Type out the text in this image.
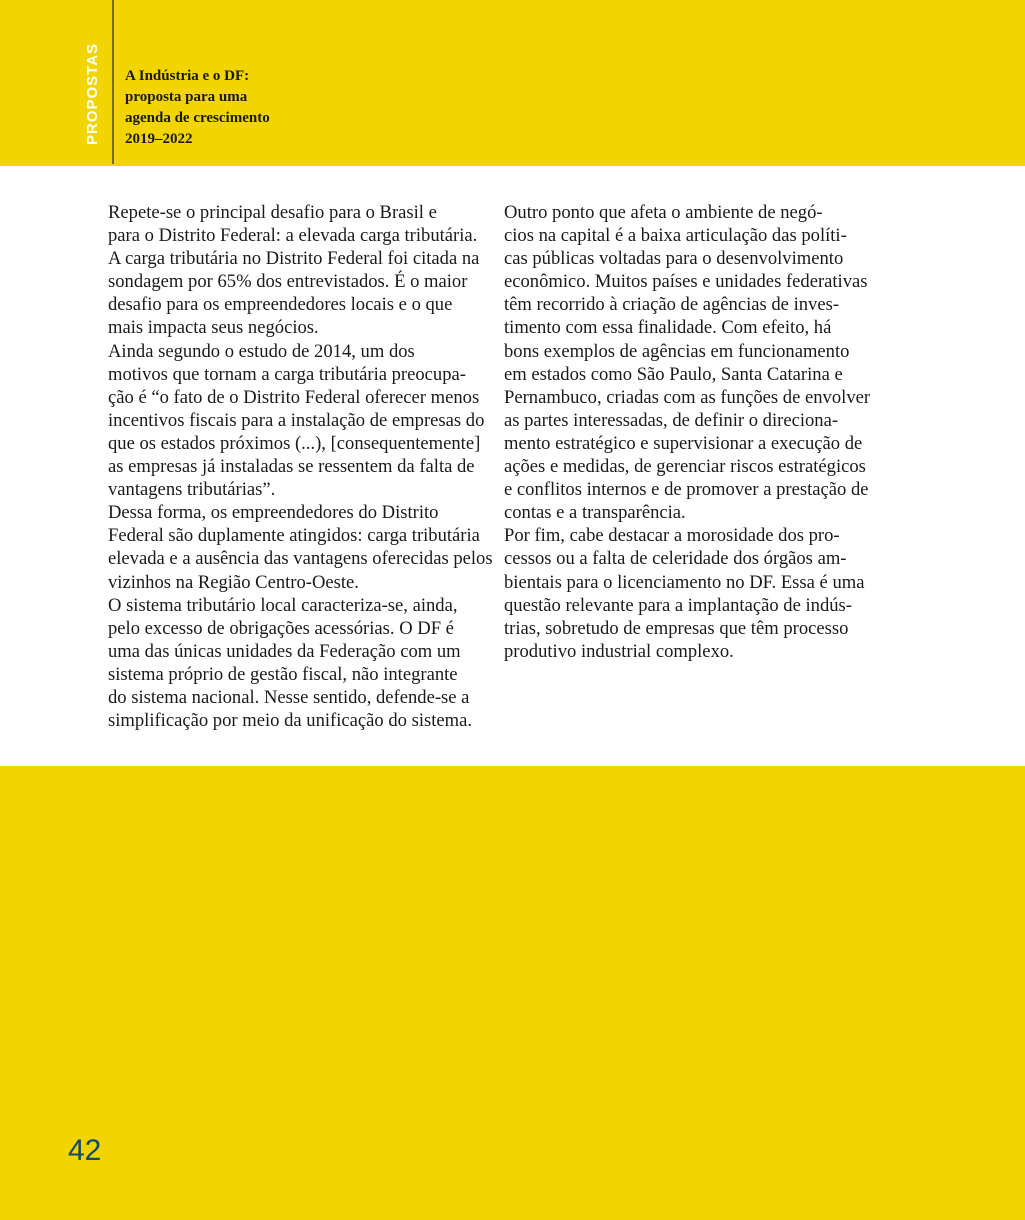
PROPOSTAS A Indústria e o DF:
proposta para uma
agenda de crescimento
2019–2022

Repete-se o principal desafio para o Brasil e
para o Distrito Federal: a elevada carga tributária.
A carga tributária no Distrito Federal foi citada na
sondagem por 65% dos entrevistados. É o maior
desafio para os empreendedores locais e o que
mais impacta seus negócios.

Ainda segundo o estudo de 2014, um dos
motivos que tornam a carga tributária preocupa-
ção é “o fato de o Distrito Federal oferecer menos
incentivos fiscais para a instalação de empresas do
que os estados próximos (...), [consequentemente]
as empresas já instaladas se ressentem da falta de
vantagens tributárias”.

Dessa forma, os empreendedores do Distrito
Federal são duplamente atingidos: carga tributária
elevada e a ausência das vantagens oferecidas pelos
vizinhos na Região Centro-Oeste.

O sistema tributário local caracteriza-se, ainda,
pelo excesso de obrigações acessórias. O DF é
uma das únicas unidades da Federação com um
sistema próprio de gestão fiscal, não integrante
do sistema nacional. Nesse sentido, defende-se a
simplificação por meio da unificação do sistema.

Outro ponto que afeta o ambiente de negó-
cios na capital é a baixa articulação das políti-
cas públicas voltadas para o desenvolvimento
econômico. Muitos países e unidades federativas
têm recorrido à criação de agências de inves-
timento com essa finalidade. Com efeito, há
bons exemplos de agências em funcionamento
em estados como São Paulo, Santa Catarina e
Pernambuco, criadas com as funções de envolver
as partes interessadas, de definir o direciona-
mento estratégico e supervisionar a execução de
ações e medidas, de gerenciar riscos estratégicos
e conflitos internos e de promover a prestação de
contas e a transparência.

Por fim, cabe destacar a morosidade dos pro-
cessos ou a falta de celeridade dos órgãos am-
bientais para o licenciamento no DF. Essa é uma
questão relevante para a implantação de indús-
trias, sobretudo de empresas que têm processo
produtivo industrial complexo.

42
